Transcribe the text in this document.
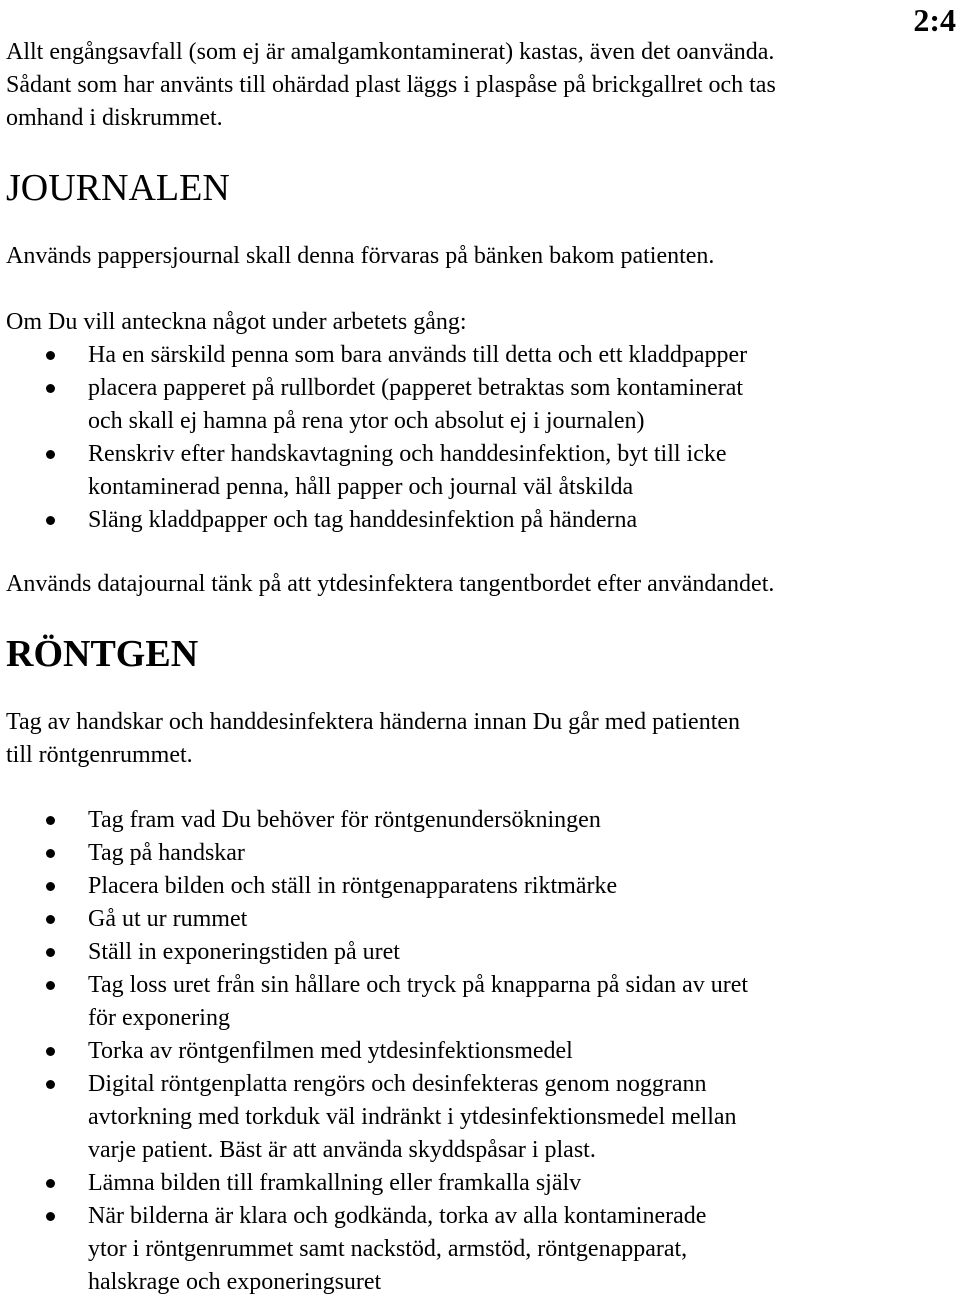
2:4

Allt engångsavfall (som ej är amalgamkontaminerat) kastas, även det oanvända.
Sådant som har använts till ohärdad plast läggs i plaspåse på brickgallret och tas
omhand i diskrummet.

JOURNALEN

Används pappersjournal skall denna förvaras på bänken bakom patienten.

Om Du vill anteckna något under arbetets gång:

Ha en särskild penna som bara används till detta och ett kladdpapper
placera papperet på rullbordet (papperet betraktas som kontaminerat
och skall ej hamna på rena ytor och absolut ej i journalen)
Renskriv efter handskavtagning och handdesinfektion, byt till icke
kontaminerad penna, håll papper och journal väl åtskilda
Släng kladdpapper och tag handdesinfektion på händerna

Används datajournal tänk på att ytdesinfektera tangentbordet efter användandet.

RÖNTGEN

Tag av handskar och handdesinfektera händerna innan Du går med patienten
till röntgenrummet.

Tag fram vad Du behöver för röntgenundersökningen
Tag på handskar
Placera bilden och ställ in röntgenapparatens riktmärke
Gå ut ur rummet
Ställ in exponeringstiden på uret
Tag loss uret från sin hållare och tryck på knapparna på sidan av uret
för exponering
Torka av röntgenfilmen med ytdesinfektionsmedel
Digital röntgenplatta rengörs och desinfekteras genom noggrann
avtorkning med torkduk väl indränkt i ytdesinfektionsmedel mellan
varje patient. Bäst är att använda skyddspåsar i plast.
Lämna bilden till framkallning eller framkalla själv
När bilderna är klara och godkända, torka av alla kontaminerade
ytor i röntgenrummet samt nackstöd, armstöd, röntgenapparat,
halskrage och exponeringsuret
